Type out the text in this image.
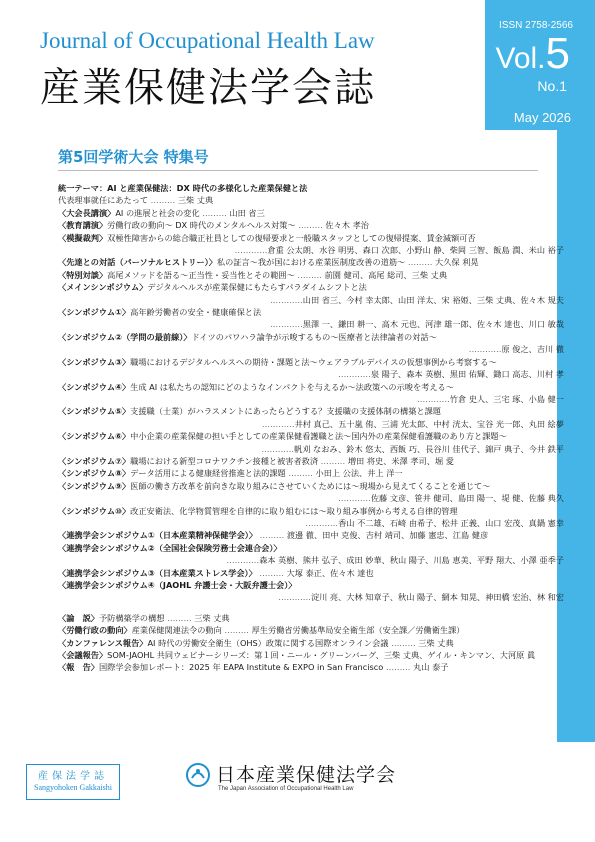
Journal of Occupational Health Law
産業保健法学会誌
ISSN 2758-2566
Vol.5
No.1
May 2026
第5回学術大会 特集号
統一テーマ：AI と産業保健法：DX 時代の多様化した産業保健と法
代表理事就任にあたって ……… 三柴 丈典
〈大会長講演〉AI の進展と社会の変化 ……… 山田 省三
〈教育講演〉労働行政の動向～ DX 時代のメンタルヘルス対策～ ……… 佐々木 孝治
〈模擬裁判〉双極性障害からの総合職正社員としての復帰要求と一般職スタッフとしての復帰提案、賃金減額可否
…………倉重 公太朗、水谷 明男、森口 次郎、小野山 静、柴岡 三智、飯島 潤、米山 裕子
〈先達との対話（パーソナルヒストリー）〉私の証言～我が国における産業医制度改善の道筋～ ……… 大久保 利晃
〈特別対談〉高尾メソッドを語る～正当性・妥当性とその範囲～ ……… 前園 健司、高尾 総司、三柴 丈典
〈メインシンポジウム〉デジタルヘルスが産業保健にもたらすパラダイムシフトと法
…………山田 省三、今村 幸太郎、山田 洋太、宋 裕姫、三柴 丈典、佐々木 規夫
〈シンポジウム①〉高年齢労働者の安全・健康確保と法
…………黒澤 一、鎌田 耕一、高木 元也、河津 雄一郎、佐々木 達也、川口 敏哉
〈シンポジウム②（学問の最前線）〉ドイツのパワハラ論争が示唆するもの～医療者と法律論者の対話～
…………原 俊之、吉川 徹
〈シンポジウム③〉職場におけるデジタルヘルスへの期待・課題と法～ウェアラブルデバイスの仮想事例から考察する～
…………泉 陽子、森本 英樹、黒田 佑輝、鋤口 高志、川村 孝
〈シンポジウム④〉生成 AI は私たちの認知にどのようなインパクトを与えるか～法政策への示唆を考える～
…………竹倉 史人、三宅 琢、小島 健一
〈シンポジウム⑤〉支援職（士業）がハラスメントにあったらどうする？支援職の支援体制の構築と課題
…………井村 真己、五十嵐 侑、三浦 光太郎、中村 洸太、宝谷 光一郎、丸田 絵夢
〈シンポジウム⑥〉中小企業の産業保健の担い手としての産業保健看護職と法～国内外の産業保健看護職のあり方と課題～
…………帆刈 なおみ、鈴木 悠太、西飯 巧、長谷川 佳代子、錦戸 典子、今井 鉄平
〈シンポジウム⑦〉職場における新型コロナワクチン接種と被害者救済 ……… 増田 将史、米澤 孝司、堀 愛
〈シンポジウム⑧〉データ活用による健康経営推進と法的課題 ……… 小田上 公法、井上 洋一
〈シンポジウム⑨〉医師の働き方改革を前向きな取り組みにさせていくためには～現場から見えてくることを通じて～
…………佐藤 文彦、笹井 健司、島田 陽一、堤 健、佐藤 典久
〈シンポジウム⑩〉改正安衛法、化学物質管理を自律的に取り組むには～取り組み事例から考える自律的管理
…………香山 不二雄、石崎 由希子、松井 正義、山口 宏茂、真鍋 憲幸
〈連携学会シンポジウム①（日本産業精神保健学会）〉 ……… 渡邊 徹、田中 克俊、吉村 靖司、加藤 憲忠、江島 健彦
〈連携学会シンポジウム②（全国社会保険労務士会連合会）〉
…………森本 英樹、熊井 弘子、成田 妙華、秋山 陽子、川島 恵美、平野 翔大、小澤 亜季子
〈連携学会シンポジウム③（日本産業ストレス学会）〉 ……… 大塚 泰正、佐々木 達也
〈連携学会シンポジウム④（JAOHL 弁護士会・大阪弁護士会）〉
…………淀川 亮、大林 知章子、秋山 陽子、網本 知晃、神田橋 宏治、林 和宏
〈論　説〉予防構築学の構想 ……… 三柴 丈典
〈労働行政の動向〉産業保健関連法令の動向 ……… 厚生労働省労働基準局安全衛生部（安全課／労働衛生課）
〈カンファレンス報告〉AI 時代の労働安全衛生（OHS）政策に関する国際オンライン会議 ……… 三柴 丈典
〈会議報告〉SOM-JAOHL 共同ウェビナーシリーズ：第１回・ニール・グリーンバーグ、三柴 丈典、ゲイル・キンマン、大河原 眞
〈報　告〉国際学会参加レポート：2025 年 EAPA Institute & EXPO in San Francisco ……… 丸山 泰子
産保法学誌
Sangyohoken Gakkaishi
日本産業保健法学会
The Japan Association of Occupational Health Law
